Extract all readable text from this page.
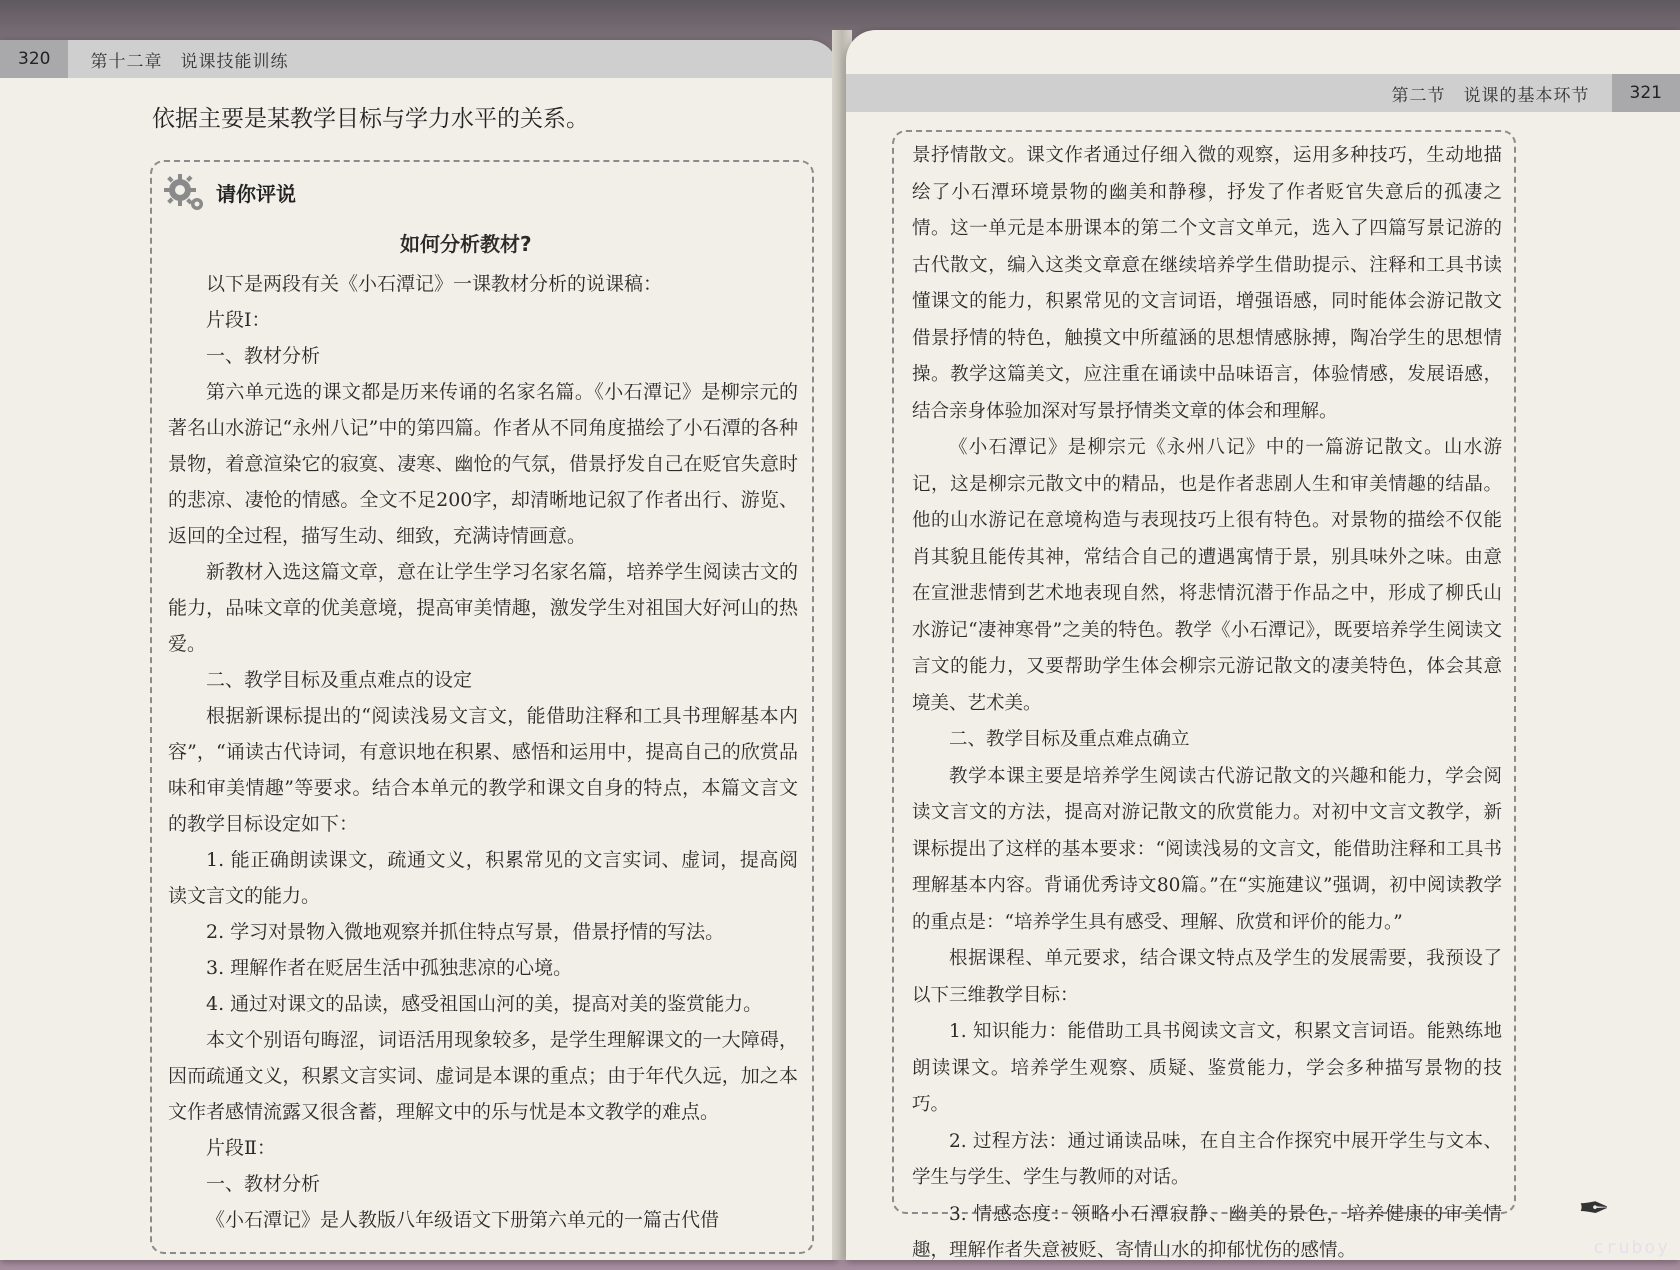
320	第十二章　说课技能训练
依据主要是某教学目标与学力水平的关系。
请你评说
如何分析教材?

以下是两段有关《小石潭记》一课教材分析的说课稿：

片段Ⅰ：

一、教材分析

第六单元选的课文都是历来传诵的名家名篇。《小石潭记》是柳宗元的著名山水游记“永州八记”中的第四篇。作者从不同角度描绘了小石潭的各种景物，着意渲染它的寂寞、凄寒、幽怆的气氛，借景抒发自己在贬官失意时的悲凉、凄怆的情感。全文不足200字，却清晰地记叙了作者出行、游览、返回的全过程，描写生动、细致，充满诗情画意。

新教材入选这篇文章，意在让学生学习名家名篇，培养学生阅读古文的能力，品味文章的优美意境，提高审美情趣，激发学生对祖国大好河山的热爱。

二、教学目标及重点难点的设定

根据新课标提出的“阅读浅易文言文，能借助注释和工具书理解基本内容”，“诵读古代诗词，有意识地在积累、感悟和运用中，提高自己的欣赏品味和审美情趣”等要求。结合本单元的教学和课文自身的特点，本篇文言文的教学目标设定如下：

1. 能正确朗读课文，疏通文义，积累常见的文言实词、虚词，提高阅读文言文的能力。

2. 学习对景物入微地观察并抓住特点写景，借景抒情的写法。

3. 理解作者在贬居生活中孤独悲凉的心境。

4. 通过对课文的品读，感受祖国山河的美，提高对美的鉴赏能力。

本文个别语句晦涩，词语活用现象较多，是学生理解课文的一大障碍，因而疏通文义，积累文言实词、虚词是本课的重点；由于年代久远，加之本文作者感情流露又很含蓄，理解文中的乐与忧是本文教学的难点。

片段Ⅱ：

一、教材分析

《小石潭记》是人教版八年级语文下册第六单元的一篇古代借

第二节　说课的基本环节	321

景抒情散文。课文作者通过仔细入微的观察，运用多种技巧，生动地描绘了小石潭环境景物的幽美和静穆，抒发了作者贬官失意后的孤凄之情。这一单元是本册课本的第二个文言文单元，选入了四篇写景记游的古代散文，编入这类文章意在继续培养学生借助提示、注释和工具书读懂课文的能力，积累常见的文言词语，增强语感，同时能体会游记散文借景抒情的特色，触摸文中所蕴涵的思想情感脉搏，陶冶学生的思想情操。教学这篇美文，应注重在诵读中品味语言，体验情感，发展语感，结合亲身体验加深对写景抒情类文章的体会和理解。

《小石潭记》是柳宗元《永州八记》中的一篇游记散文。山水游记，这是柳宗元散文中的精品，也是作者悲剧人生和审美情趣的结晶。他的山水游记在意境构造与表现技巧上很有特色。对景物的描绘不仅能肖其貌且能传其神，常结合自己的遭遇寓情于景，别具味外之味。由意在宣泄悲情到艺术地表现自然，将悲情沉潜于作品之中，形成了柳氏山水游记“凄神寒骨”之美的特色。教学《小石潭记》，既要培养学生阅读文言文的能力，又要帮助学生体会柳宗元游记散文的凄美特色，体会其意境美、艺术美。

二、教学目标及重点难点确立

教学本课主要是培养学生阅读古代游记散文的兴趣和能力，学会阅读文言文的方法，提高对游记散文的欣赏能力。对初中文言文教学，新课标提出了这样的基本要求：“阅读浅易的文言文，能借助注释和工具书理解基本内容。背诵优秀诗文80篇。”在“实施建议”强调，初中阅读教学的重点是：“培养学生具有感受、理解、欣赏和评价的能力。”

根据课程、单元要求，结合课文特点及学生的发展需要，我预设了以下三维教学目标：

1. 知识能力：能借助工具书阅读文言文，积累文言词语。能熟练地朗读课文。培养学生观察、质疑、鉴赏能力，学会多种描写景物的技巧。

2. 过程方法：通过诵读品味，在自主合作探究中展开学生与文本、学生与学生、学生与教师的对话。

3. 情感态度：领略小石潭寂静、幽美的景色，培养健康的审美情趣，理解作者失意被贬、寄情山水的抑郁忧伤的感情。

✒
cruboy
